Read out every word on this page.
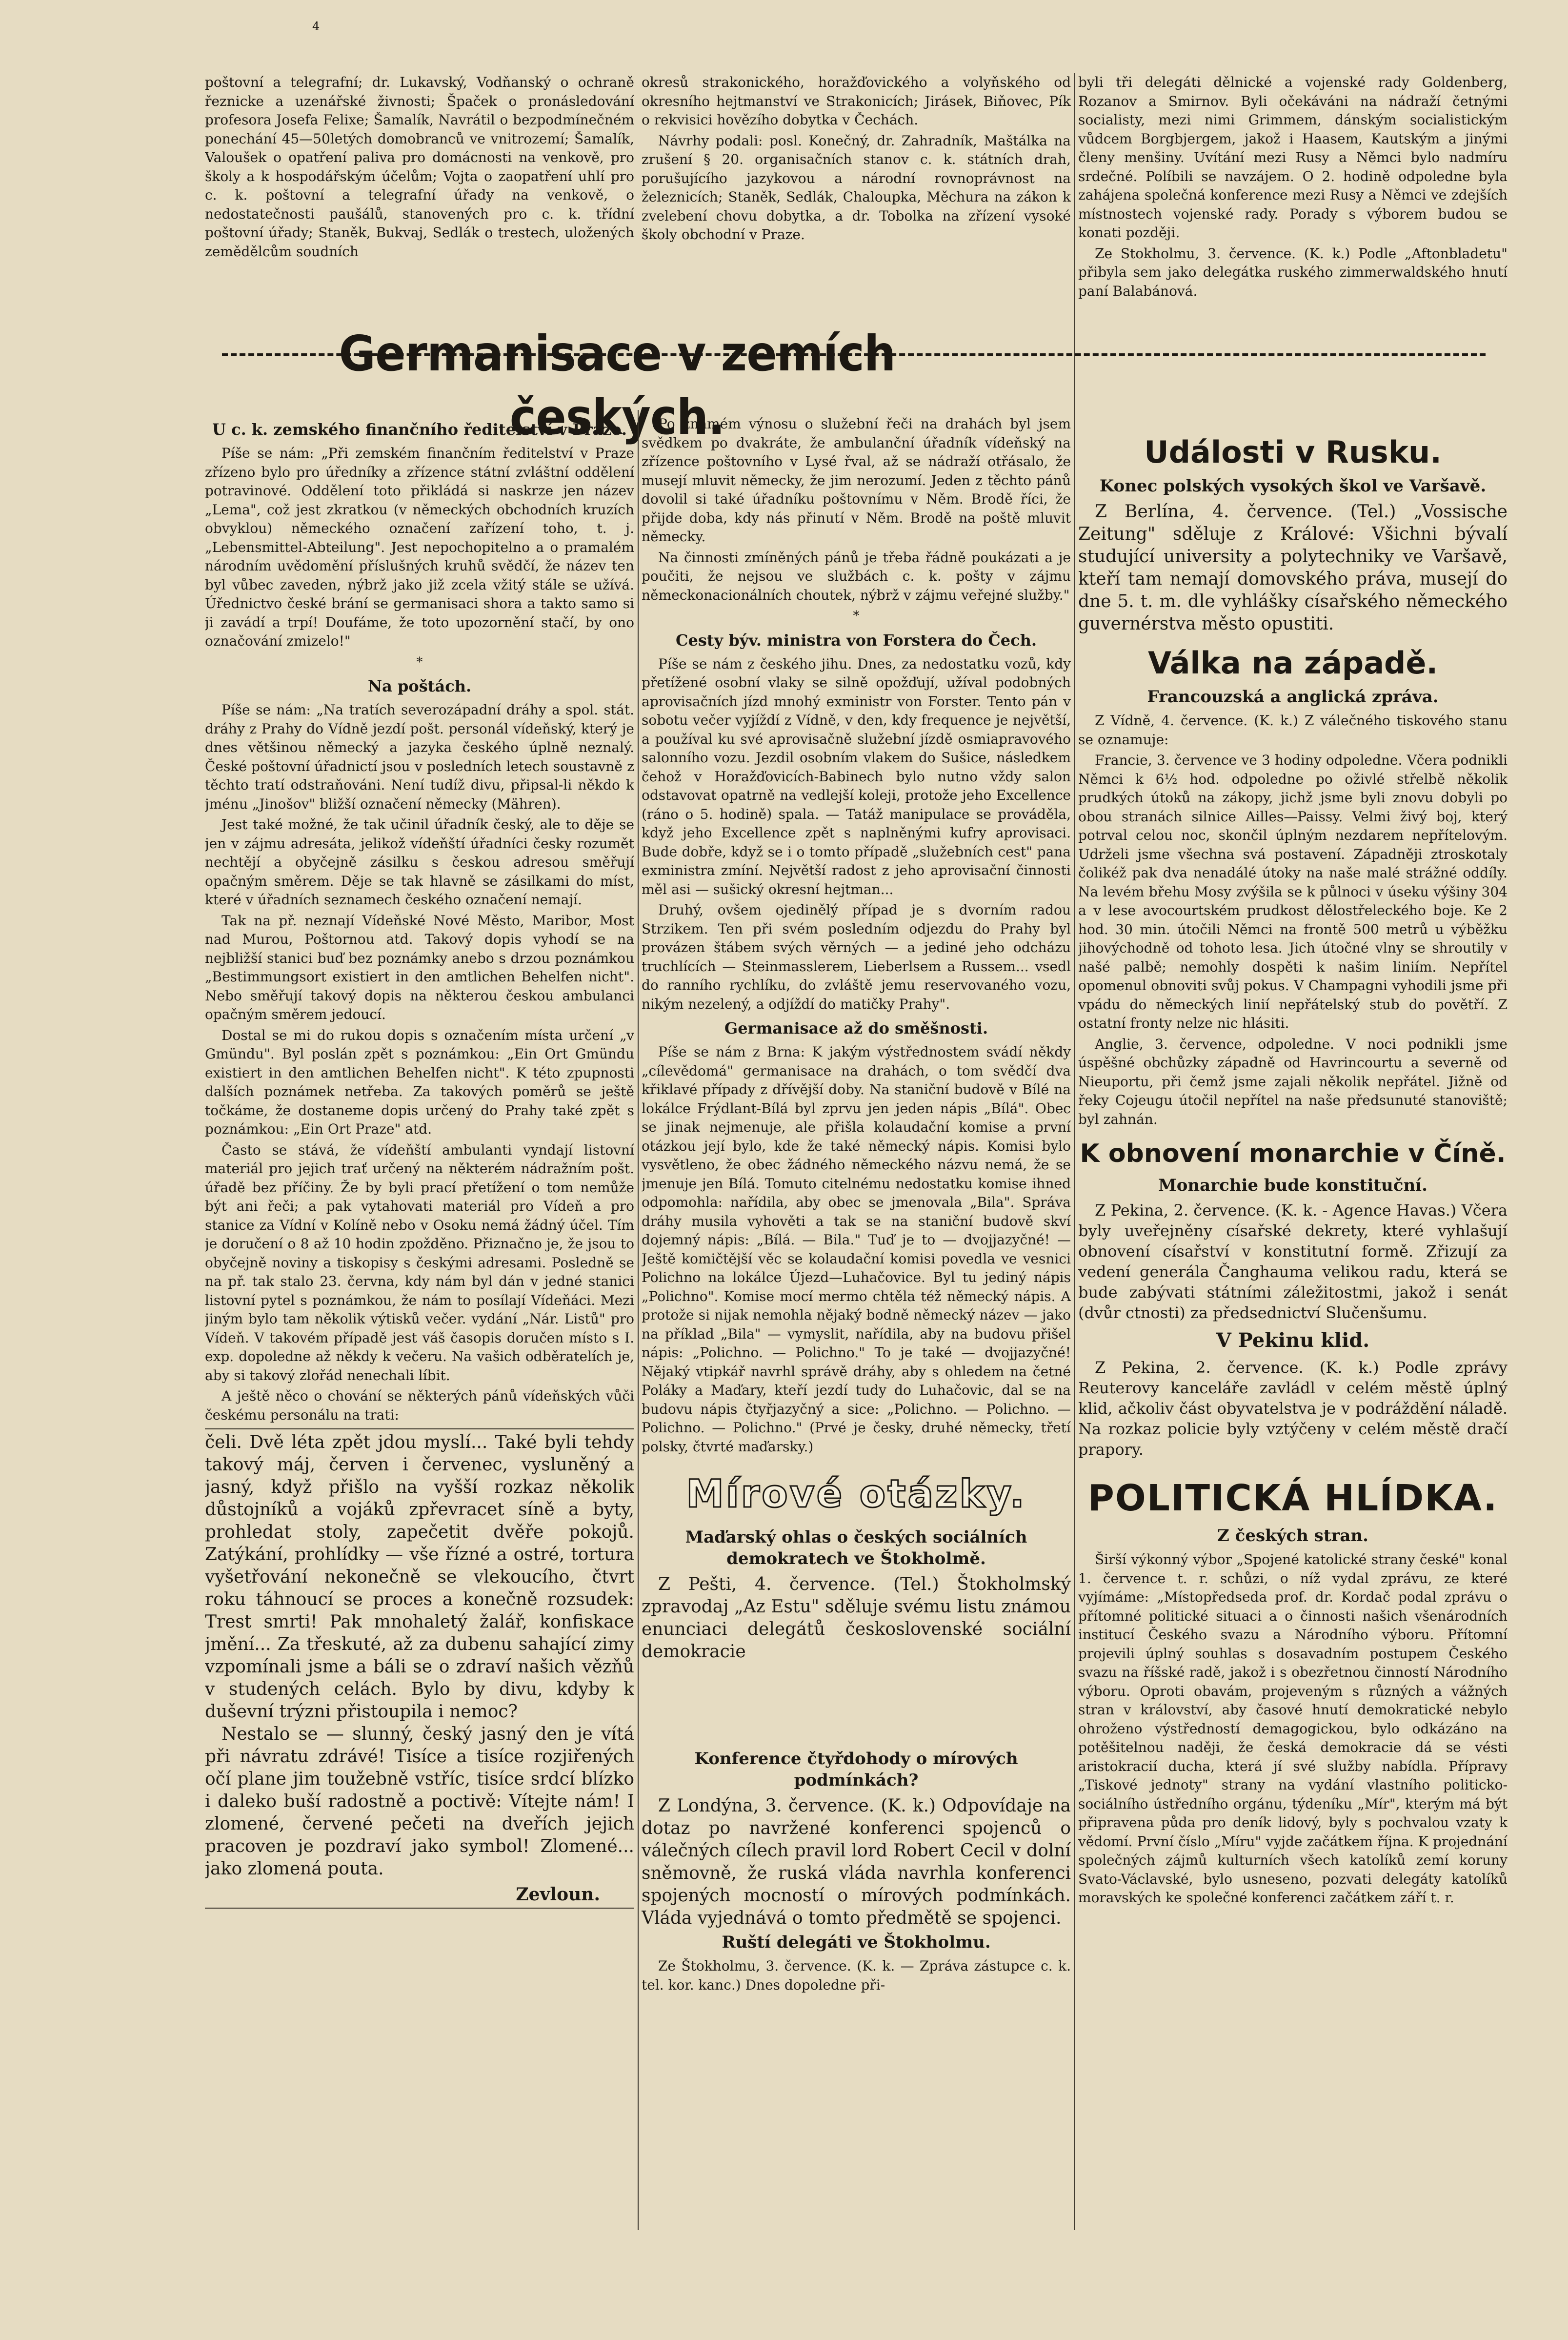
4

poštovní a telegrafní; dr. Lukavský, Vodňanský o ochraně řeznicke a uzenářské živnosti; Špaček o pronásledování profesora Josefa Felixe; Šamalík, Navrátil o bezpodmínečném ponechání 45—50letých domobranců ve vnitrozemí; Šamalík, Valoušek o opatření paliva pro domácnosti na venkově, pro školy a k hospodářským účelům; Vojta o zaopatření uhlí pro c. k. poštovní a telegrafní úřady na venkově, o nedostatečnosti paušálů, stanovených pro c. k. třídní poštovní úřady; Staněk, Bukvaj, Sedlák o trestech, uložených zemědělcům soudních

okresů strakonického, horažďovického a volyňského od okresního hejtmanství ve Strakonicích; Jirásek, Biňovec, Pík o rekvisici hovězího dobytka v Čechách.

Návrhy podali: posl. Konečný, dr. Zahradník, Maštálka na zrušení § 20. organisačních stanov c. k. státních drah, porušujícího jazykovou a národní rovnoprávnost na železnicích; Staněk, Sedlák, Chaloupka, Měchura na zákon k zvelebení chovu dobytka, a dr. Tobolka na zřízení vysoké školy obchodní v Praze.

byli tři delegáti dělnické a vojenské rady Goldenberg, Rozanov a Smirnov. Byli očekáváni na nádraží četnými socialisty, mezi nimi Grimmem, dánským socialistickým vůdcem Borgbjergem, jakož i Haasem, Kautským a jinými členy menšiny. Uvítání mezi Rusy a Němci bylo nadmíru srdečné. Políbili se navzájem. O 2. hodině odpoledne byla zahájena společná konference mezi Rusy a Němci ve zdejších místnostech vojenské rady. Porady s výborem budou se konati později.

Ze Stokholmu, 3. července. (K. k.) Podle „Aftonbladetu" přibyla sem jako delegátka ruského zimmerwaldského hnutí paní Balabánová.

Germanisace v zemích českých.
U c. k. zemského finančního ředitelství v Praze.

Píše se nám: „Při zemském finančním ředitelství v Praze zřízeno bylo pro úředníky a zřízence státní zvláštní oddělení potravinové. Oddělení toto přikládá si naskrze jen název „Lema", což jest zkratkou (v německých obchodních kruzích obvyklou) německého označení zařízení toho, t. j. „Lebensmittel-Abteilung". Jest nepochopitelno a o pramalém národním uvědomění příslušných kruhů svědčí, že název ten byl vůbec zaveden, nýbrž jako již zcela vžitý stále se užívá. Úřednictvo české brání se germanisaci shora a takto samo si ji zavádí a trpí! Doufáme, že toto upozornění stačí, by ono označování zmizelo!"

*
Na poštách.

Píše se nám: „Na tratích severozápadní dráhy a spol. stát. dráhy z Prahy do Vídně jezdí pošt. personál vídeňský, který je dnes většinou německý a jazyka českého úplně neznalý. České poštovní úřadnictí jsou v posledních letech soustavně z těchto tratí odstraňováni. Není tudíž divu, připsal-li někdo k jménu „Jinošov" bližší označení německy (Mähren).

Jest také možné, že tak učinil úřadník český, ale to děje se jen v zájmu adresáta, jelikož vídeňští úřadníci česky rozumět nechtějí a obyčejně zásilku s českou adresou směřují opačným směrem. Děje se tak hlavně se zásilkami do míst, které v úřadních seznamech českého označení nemají.

Tak na př. neznají Vídeňské Nové Město, Maribor, Most nad Murou, Poštornou atd. Takový dopis vyhodí se na nejbližší stanici buď bez poznámky anebo s drzou poznámkou „Bestimmungsort existiert in den amtlichen Behelfen nicht". Nebo směřují takový dopis na některou českou ambulanci opačným směrem jedoucí.

Dostal se mi do rukou dopis s označením místa určení „v Gmündu". Byl poslán zpět s poznámkou: „Ein Ort Gmündu existiert in den amtlichen Behelfen nicht". K této zpupnosti dalších poznámek netřeba. Za takových poměrů se ještě točkáme, že dostaneme dopis určený do Prahy také zpět s poznámkou: „Ein Ort Praze" atd.

Často se stává, že vídeňští ambulanti vyndají listovní materiál pro jejich trať určený na některém nádražním pošt. úřadě bez příčiny. Že by byli prací přetížení o tom nemůže být ani řeči; a pak vytahovati materiál pro Vídeň a pro stanice za Vídní v Kolíně nebo v Osoku nemá žádný účel. Tím je doručení o 8 až 10 hodin zpožděno. Přiznačno je, že jsou to obyčejně noviny a tiskopisy s českými adresami. Posledně se na př. tak stalo 23. června, kdy nám byl dán v jedné stanici listovní pytel s poznámkou, že nám to posílají Vídeňáci. Mezi jiným bylo tam několik výtisků večer. vydání „Nár. Listů" pro Vídeň. V takovém případě jest váš časopis doručen místo s I. exp. dopoledne až někdy k večeru. Na vašich odběratelích je, aby si takový zlořád nenechali líbit.

A ještě něco o chování se některých pánů vídeňských vůči českému personálu na trati:

čeli. Dvě léta zpět jdou myslí... Také byli tehdy takový máj, červen i červenec, vysluněný a jasný, když přišlo na vyšší rozkaz několik důstojníků a vojáků zpřevracet síně a byty, prohledat stoly, zapečetit dvěře pokojů. Zatýkání, prohlídky — vše řízné a ostré, tortura vyšetřování nekonečně se vlekoucího, čtvrt roku táhnoucí se proces a konečně rozsudek: Trest smrti! Pak mnohaletý žalář, konfiskace jmění... Za třeskuté, až za dubenu sahající zimy vzpomínali jsme a báli se o zdraví našich vězňů v studených celách. Bylo by divu, kdyby k duševní trýzni přistoupila i nemoc?

Nestalo se — slunný, český jasný den je vítá při návratu zdrávé! Tisíce a tisíce rozjiřených očí plane jim toužebně vstříc, tisíce srdcí blízko i daleko buší radostně a poctivě: Vítejte nám! I zlomené, červené pečeti na dveřích jejich pracoven je pozdraví jako symbol! Zlomené... jako zlomená pouta.

Zevloun.

Po známém výnosu o služební řeči na drahách byl jsem svědkem po dvakráte, že ambulanční úřadník vídeňský na zřízence poštovního v Lysé řval, až se nádraží otřásalo, že musejí mluvit německy, že jim nerozumí. Jeden z těchto pánů dovolil si také úřadníku poštovnímu v Něm. Brodě říci, že přijde doba, kdy nás přinutí v Něm. Brodě na poště mluvit německy.

Na činnosti zmíněných pánů je třeba řádně poukázati a je poučiti, že nejsou ve službách c. k. pošty v zájmu německonacionálních choutek, nýbrž v zájmu veřejné služby."

*
Cesty býv. ministra von Forstera do Čech.

Píše se nám z českého jihu. Dnes, za nedostatku vozů, kdy přetížené osobní vlaky se silně opožďují, užíval podobných aprovisačních jízd mnohý exministr von Forster. Tento pán v sobotu večer vyjíždí z Vídně, v den, kdy frequence je největší, a používal ku své aprovisačně služební jízdě osmiapravového salonního vozu. Jezdil osobním vlakem do Sušice, následkem čehož v Horažďovicích-Babinech bylo nutno vždy salon odstavovat opatrně na vedlejší koleji, protože jeho Excellence (ráno o 5. hodině) spala. — Tatáž manipulace se prováděla, když jeho Excellence zpět s naplněnými kufry aprovisaci. Bude dobře, když se i o tomto případě „služebních cest" pana exministra zmíní. Největší radost z jeho aprovisační činnosti měl asi — sušický okresní hejtman...

Druhý, ovšem ojedinělý případ je s dvorním radou Strzikem. Ten při svém posledním odjezdu do Prahy byl provázen štábem svých věrných — a jediné jeho odcházu truchlících — Steinmasslerem, Lieberlsem a Russem... vsedl do ranního rychlíku, do zvláště jemu reservovaného vozu, nikým nezelený, a odjíždí do matičky Prahy".

Germanisace až do směšnosti.

Píše se nám z Brna: K jakým výstřednostem svádí někdy „cílevědomá" germanisace na drahách, o tom svědčí dva křiklavé případy z dřívější doby. Na staniční budově v Bílé na lokálce Frýdlant-Bílá byl zprvu jen jeden nápis „Bílá". Obec se jinak nejmenuje, ale přišla kolaudační komise a první otázkou její bylo, kde že také německý nápis. Komisi bylo vysvětleno, že obec žádného německého názvu nemá, že se jmenuje jen Bílá. Tomuto citelnému nedostatku komise ihned odpomohla: nařídila, aby obec se jmenovala „Bila". Správa dráhy musila vyhověti a tak se na staniční budově skví dojemný nápis: „Bílá. — Bila." Tuď je to — dvojjazyčné! — Ještě komičtější věc se kolaudační komisi povedla ve vesnici Polichno na lokálce Újezd—Luhačovice. Byl tu jediný nápis „Polichno". Komise mocí mermo chtěla též německý nápis. A protože si nijak nemohla nějaký bodně německý název — jako na příklad „Bila" — vymyslit, nařídila, aby na budovu přišel nápis: „Polichno. — Polichno." To je také — dvojjazyčné! Nějaký vtipkář navrhl správě dráhy, aby s ohledem na četné Poláky a Maďary, kteří jezdí tudy do Luhačovic, dal se na budovu nápis čtyřjazyčný a sice: „Polichno. — Polichno. — Polichno. — Polichno." (Prvé je česky, druhé německy, třetí polsky, čtvrté maďarsky.)

Mírové otázky.
Maďarský ohlas o českých sociálních demokratech ve Štokholmě.

Z Pešti, 4. července. (Tel.) Štokholmský zpravodaj „Az Estu" sděluje svému listu známou enunciaci delegátů československé sociální demokracie

Konference čtyřdohody o mírových podmínkách?

Z Londýna, 3. července. (K. k.) Odpovídaje na dotaz po navržené konferenci spojenců o válečných cílech pravil lord Robert Cecil v dolní sněmovně, že ruská vláda navrhla konferenci spojených mocností o mírových podmínkách. Vláda vyjednává o tomto předmětě se spojenci.

Ruští delegáti ve Štokholmu.

Ze Štokholmu, 3. července. (K. k. — Zpráva zástupce c. k. tel. kor. kanc.) Dnes dopoledne při-

Události v Rusku.
Konec polských vysokých škol ve Varšavě.

Z Berlína, 4. července. (Tel.) „Vossische Zeitung" sděluje z Králové: Všichni bývalí studující university a polytechniky ve Varšavě, kteří tam nemají domovského práva, musejí do dne 5. t. m. dle vyhlášky císařského německého guvernérstva město opustiti.

Válka na západě.
Francouzská a anglická zpráva.

Z Vídně, 4. července. (K. k.) Z válečného tiskového stanu se oznamuje:

Francie, 3. července ve 3 hodiny odpoledne. Včera podnikli Němci k 6½ hod. odpoledne po oživlé střelbě několik prudkých útoků na zákopy, jichž jsme byli znovu dobyli po obou stranách silnice Ailles—Paissy. Velmi živý boj, který potrval celou noc, skončil úplným nezdarem nepřítelovým. Udrželi jsme všechna svá postavení. Západněji ztroskotaly čolikéž pak dva nenadálé útoky na naše malé strážné oddíly. Na levém břehu Mosy zvýšila se k půlnoci v úseku výšiny 304 a v lese avocourtském prudkost dělostřeleckého boje. Ke 2 hod. 30 min. útočili Němci na frontě 500 metrů u výběžku jihovýchodně od tohoto lesa. Jich útočné vlny se shroutily v našé palbě; nemohly dospěti k našim liniím. Nepřítel opomenul obnoviti svůj pokus. V Champagni vyhodili jsme při vpádu do německých linií nepřátelský stub do povětří. Z ostatní fronty nelze nic hlásiti.

Anglie, 3. července, odpoledne. V noci podnikli jsme úspěšné obchůzky západně od Havrincourtu a severně od Nieuportu, při čemž jsme zajali několik nepřátel. Jižně od řeky Cojeugu útočil nepřítel na naše předsunuté stanoviště; byl zahnán.

K obnovení monarchie v Číně.
Monarchie bude konstituční.

Z Pekina, 2. července. (K. k. - Agence Havas.) Včera byly uveřejněny císařské dekrety, které vyhlašují obnovení císařství v konstitutní formě. Zřizují za vedení generála Čanghauma velikou radu, která se bude zabývati státními záležitostmi, jakož i senát (dvůr ctnosti) za předsednictví Slučenšumu.

V Pekinu klid.

Z Pekina, 2. července. (K. k.) Podle zprávy Reuterovy kanceláře zavládl v celém městě úplný klid, ačkoliv část obyvatelstva je v podráždění náladě. Na rozkaz policie byly vztýčeny v celém městě dračí prapory.

POLITICKÁ HLÍDKA.
Z českých stran.

Širší výkonný výbor „Spojené katolické strany české" konal 1. července t. r. schůzi, o níž vydal zprávu, ze které vyjímáme: „Místopředseda prof. dr. Kordač podal zprávu o přítomné politické situaci a o činnosti našich všenárodních institucí Českého svazu a Národního výboru. Přítomní projevili úplný souhlas s dosavadním postupem Českého svazu na říšské radě, jakož i s obezřetnou činností Národního výboru. Oproti obavám, projeveným s různých a vážných stran v království, aby časové hnutí demokratické nebylo ohroženo výstředností demagogickou, bylo odkázáno na potěšitelnou naději, že česká demokracie dá se vésti aristokracií ducha, která jí své služby nabídla. Přípravy „Tiskové jednoty" strany na vydání vlastního politicko-sociálního ústředního orgánu, týdeníku „Mír", kterým má být připravena půda pro deník lidový, byly s pochvalou vzaty k vědomí. První číslo „Míru" vyjde začátkem října. K projednání společných zájmů kulturních všech katolíků zemí koruny Svato-Václavské, bylo usneseno, pozvati delegáty katolíků moravských ke společné konferenci začátkem září t. r.
